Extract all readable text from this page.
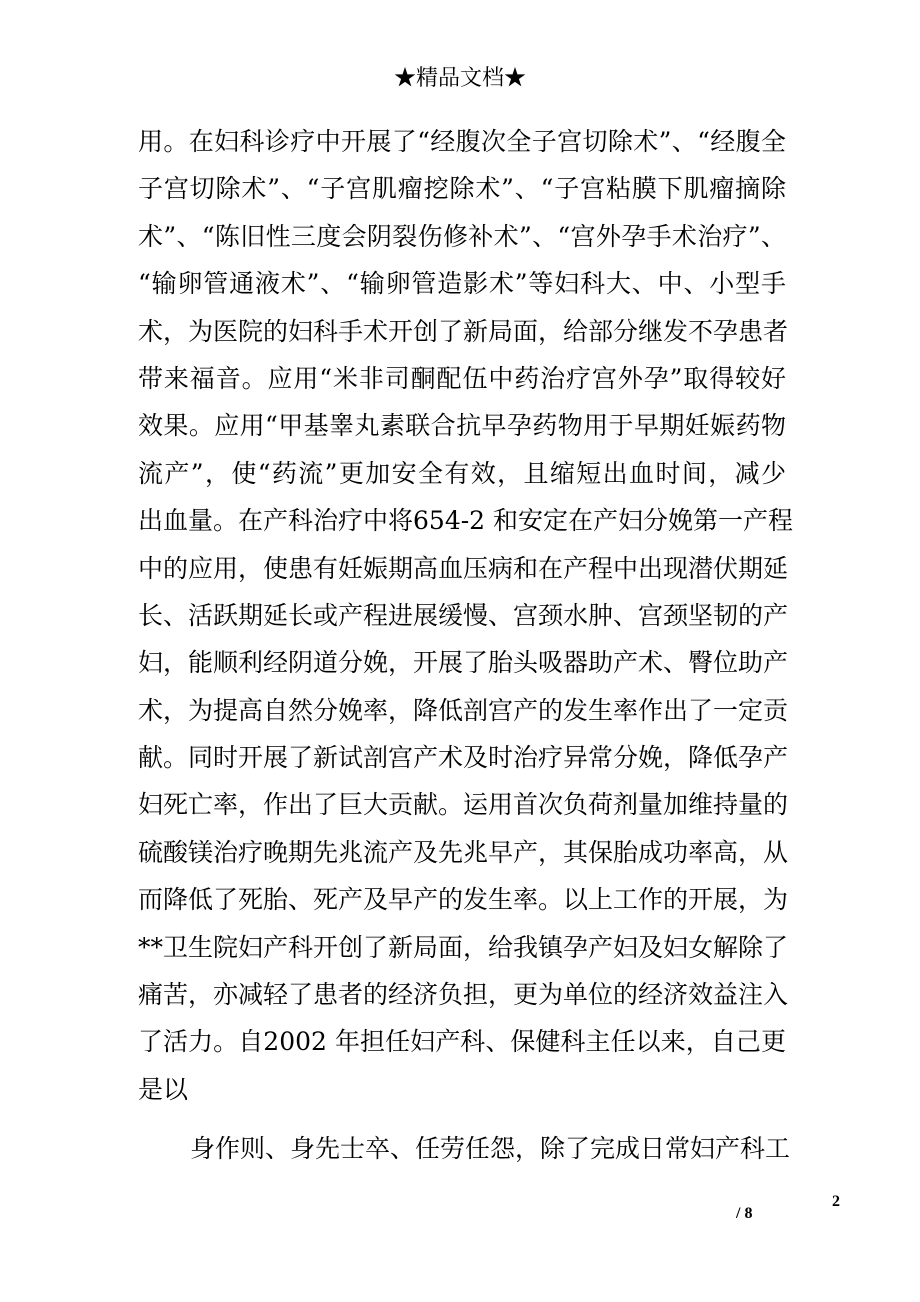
★精品文档★
用。在妇科诊疗中开展了“经腹次全子宫切除术”、“经腹全
子宫切除术”、“子宫肌瘤挖除术”、“子宫粘膜下肌瘤摘除
术”、“陈旧性三度会阴裂伤修补术”、“宫外孕手术治疗”、
“输卵管通液术”、“输卵管造影术”等妇科大、中、小型手
术，为医院的妇科手术开创了新局面，给部分继发不孕患者
带来福音。应用“米非司酮配伍中药治疗宫外孕”取得较好
效果。应用“甲基睾丸素联合抗早孕药物用于早期妊娠药物
流产”，使“药流”更加安全有效，且缩短出血时间，减少
出血量。在产科治疗中将654-2 和安定在产妇分娩第一产程
中的应用，使患有妊娠期高血压病和在产程中出现潜伏期延
长、活跃期延长或产程进展缓慢、宫颈水肿、宫颈坚韧的产
妇，能顺利经阴道分娩，开展了胎头吸器助产术、臀位助产
术，为提高自然分娩率，降低剖宫产的发生率作出了一定贡
献。同时开展了新试剖宫产术及时治疗异常分娩，降低孕产
妇死亡率，作出了巨大贡献。运用首次负荷剂量加维持量的
硫酸镁治疗晚期先兆流产及先兆早产，其保胎成功率高，从
而降低了死胎、死产及早产的发生率。以上工作的开展，为
**卫生院妇产科开创了新局面，给我镇孕产妇及妇女解除了
痛苦，亦减轻了患者的经济负担，更为单位的经济效益注入
了活力。自2002 年担任妇产科、保健科主任以来，自己更
是以
身作则、身先士卒、任劳任怨，除了完成日常妇产科工
2
/ 8
